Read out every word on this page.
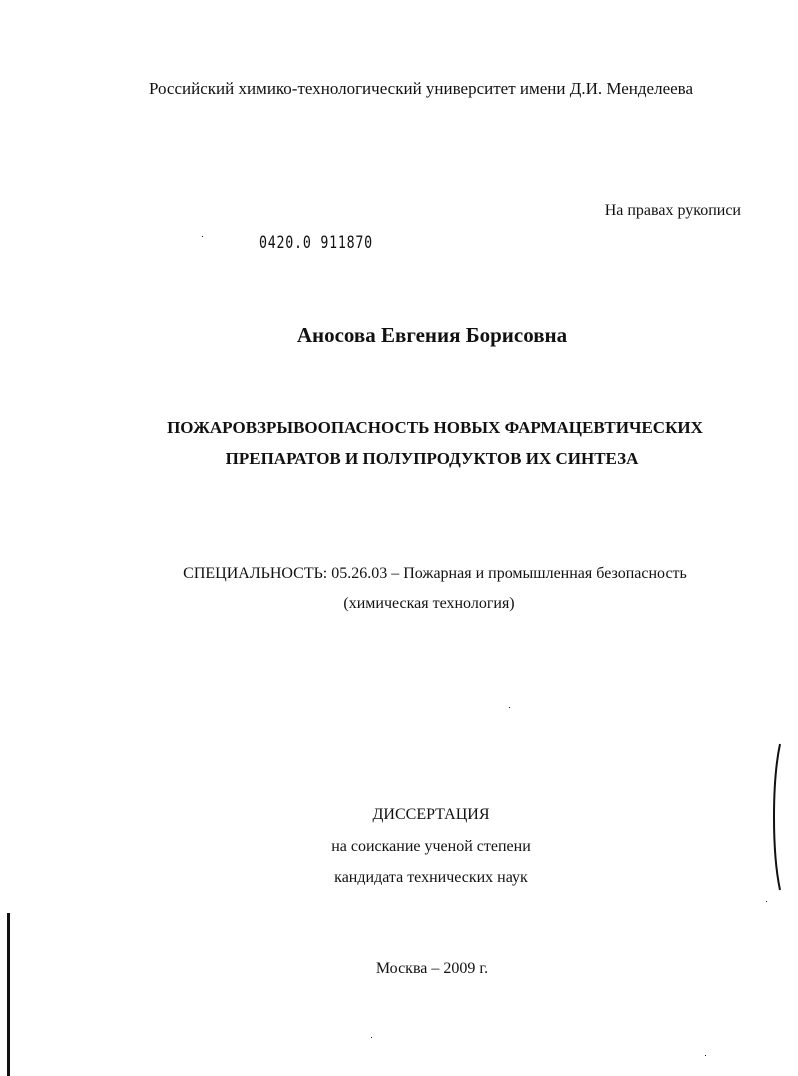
Российский химико-технологический университет имени Д.И. Менделеева
На правах рукописи
0420.0 911870
Аносова Евгения Борисовна
ПОЖАРОВЗРЫВООПАСНОСТЬ НОВЫХ ФАРМАЦЕВТИЧЕСКИХ
ПРЕПАРАТОВ И ПОЛУПРОДУКТОВ ИХ СИНТЕЗА
СПЕЦИАЛЬНОСТЬ: 05.26.03 – Пожарная и промышленная безопасность
(химическая технология)
ДИССЕРТАЦИЯ
на соискание ученой степени
кандидата технических наук
Москва – 2009 г.
